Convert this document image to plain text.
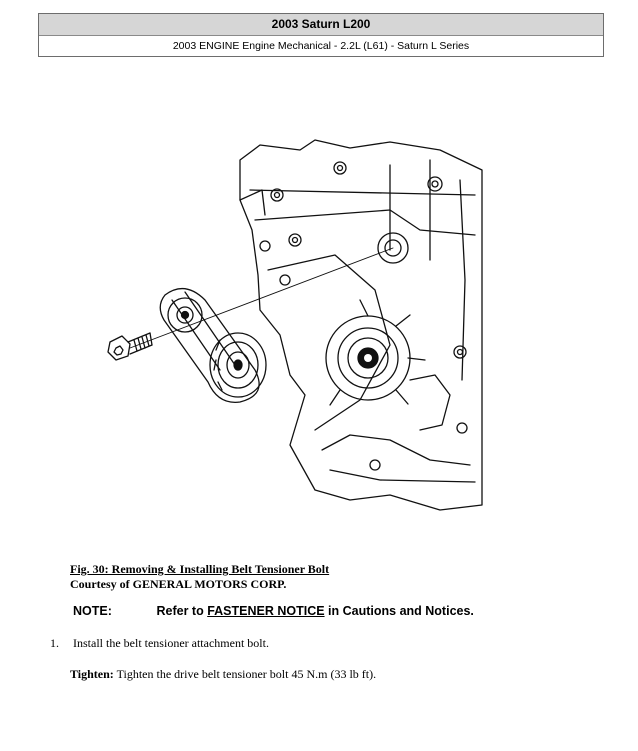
2003 Saturn L200
2003 ENGINE Engine Mechanical - 2.2L (L61) - Saturn L Series
Fig. 30: Removing & Installing Belt Tensioner Bolt
Courtesy of GENERAL MOTORS CORP.
NOTE:	Refer to FASTENER NOTICE in Cautions and Notices.
1. Install the belt tensioner attachment bolt.
Tighten: Tighten the drive belt tensioner bolt 45 N.m (33 lb ft).
